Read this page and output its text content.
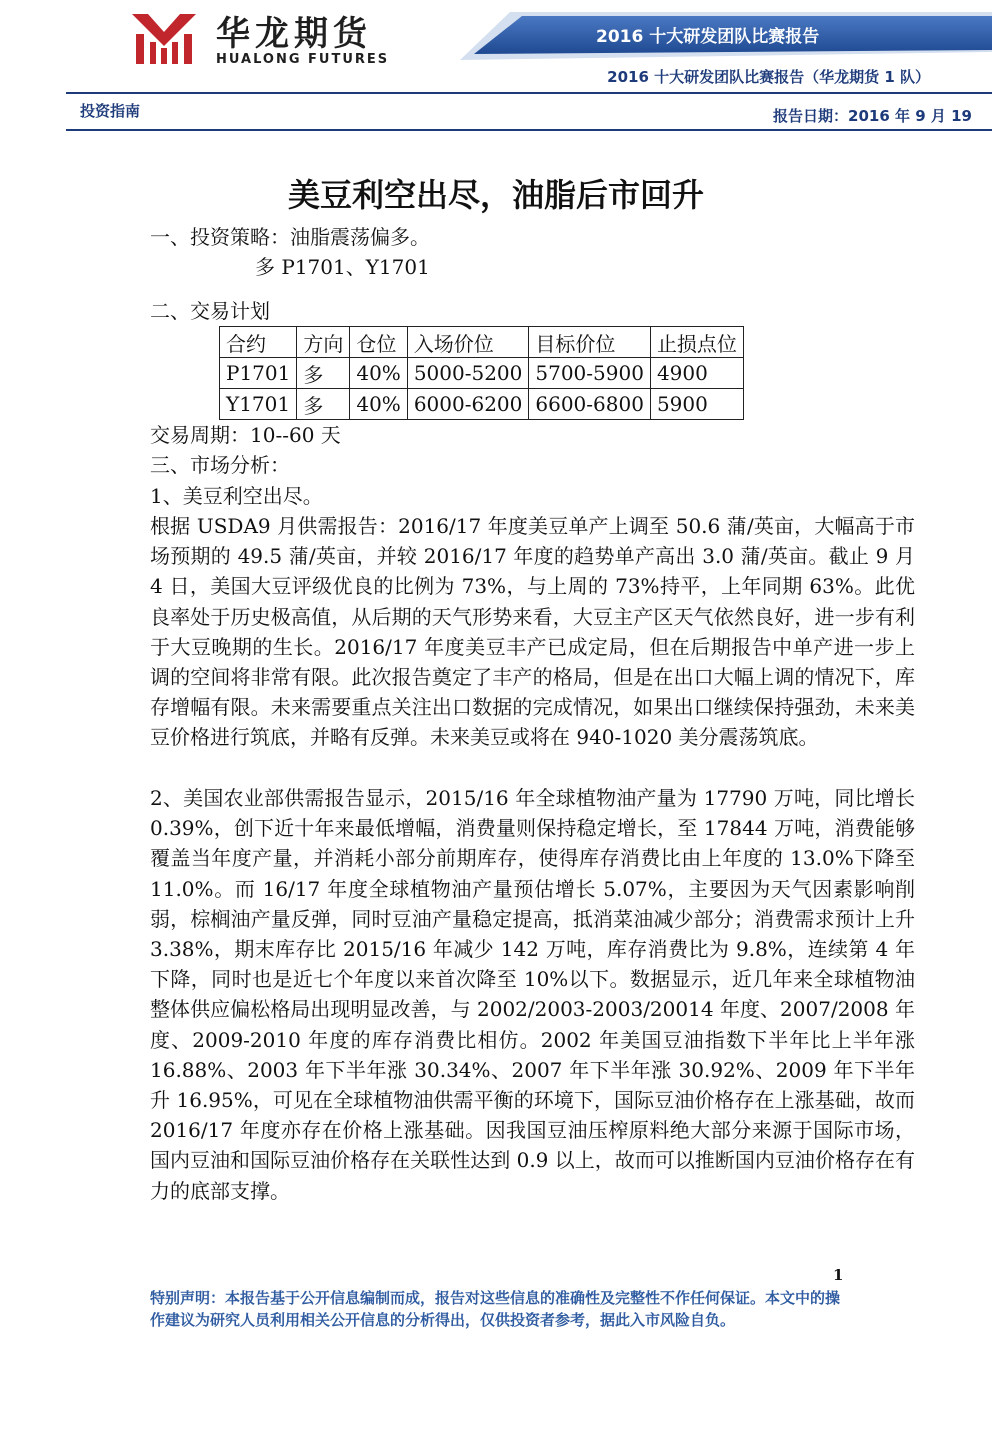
华龙期货
HUALONG FUTURES
2016 十大研发团队比赛报告
2016 十大研发团队比赛报告（华龙期货 1 队）
投资指南	报告日期：2016 年 9 月 19
美豆利空出尽，油脂后市回升
一、投资策略：油脂震荡偏多。
多 P1701、Y1701
二、交易计划
合约	方向	仓位	入场价位	目标价位	止损点位
P1701	多	40%	5000-5200	5700-5900	4900
Y1701	多	40%	6000-6200	6600-6800	5900
交易周期：10--60 天
三、市场分析：
1、美豆利空出尽。
根据 USDA9 月供需报告：2016/17 年度美豆单产上调至 50.6 蒲/英亩，大幅高于市场预期的 49.5 蒲/英亩，并较 2016/17 年度的趋势单产高出 3.0 蒲/英亩。截止 9 月 4 日，美国大豆评级优良的比例为 73%，与上周的 73%持平，上年同期 63%。此优良率处于历史极高值，从后期的天气形势来看，大豆主产区天气依然良好，进一步有利于大豆晚期的生长。2016/17 年度美豆丰产已成定局，但在后期报告中单产进一步上调的空间将非常有限。此次报告奠定了丰产的格局，但是在出口大幅上调的情况下，库存增幅有限。未来需要重点关注出口数据的完成情况，如果出口继续保持强劲，未来美豆价格进行筑底，并略有反弹。未来美豆或将在 940-1020 美分震荡筑底。
2、美国农业部供需报告显示，2015/16 年全球植物油产量为 17790 万吨，同比增长 0.39%，创下近十年来最低增幅，消费量则保持稳定增长，至 17844 万吨，消费能够覆盖当年度产量，并消耗小部分前期库存，使得库存消费比由上年度的 13.0%下降至 11.0%。而 16/17 年度全球植物油产量预估增长 5.07%，主要因为天气因素影响削弱，棕榈油产量反弹，同时豆油产量稳定提高，抵消菜油减少部分；消费需求预计上升 3.38%，期末库存比 2015/16 年减少 142 万吨，库存消费比为 9.8%，连续第 4 年下降，同时也是近七个年度以来首次降至 10%以下。数据显示，近几年来全球植物油整体供应偏松格局出现明显改善，与 2002/2003-2003/20014 年度、2007/2008 年度、2009-2010 年度的库存消费比相仿。2002 年美国豆油指数下半年比上半年涨 16.88%、2003 年下半年涨 30.34%、2007 年下半年涨 30.92%、2009 年下半年升 16.95%，可见在全球植物油供需平衡的环境下，国际豆油价格存在上涨基础，故而 2016/17 年度亦存在价格上涨基础。因我国豆油压榨原料绝大部分来源于国际市场，国内豆油和国际豆油价格存在关联性达到 0.9 以上，故而可以推断国内豆油价格存在有力的底部支撑。
1
特别声明：本报告基于公开信息编制而成，报告对这些信息的准确性及完整性不作任何保证。本文中的操作建议为研究人员利用相关公开信息的分析得出，仅供投资者参考，据此入市风险自负。
